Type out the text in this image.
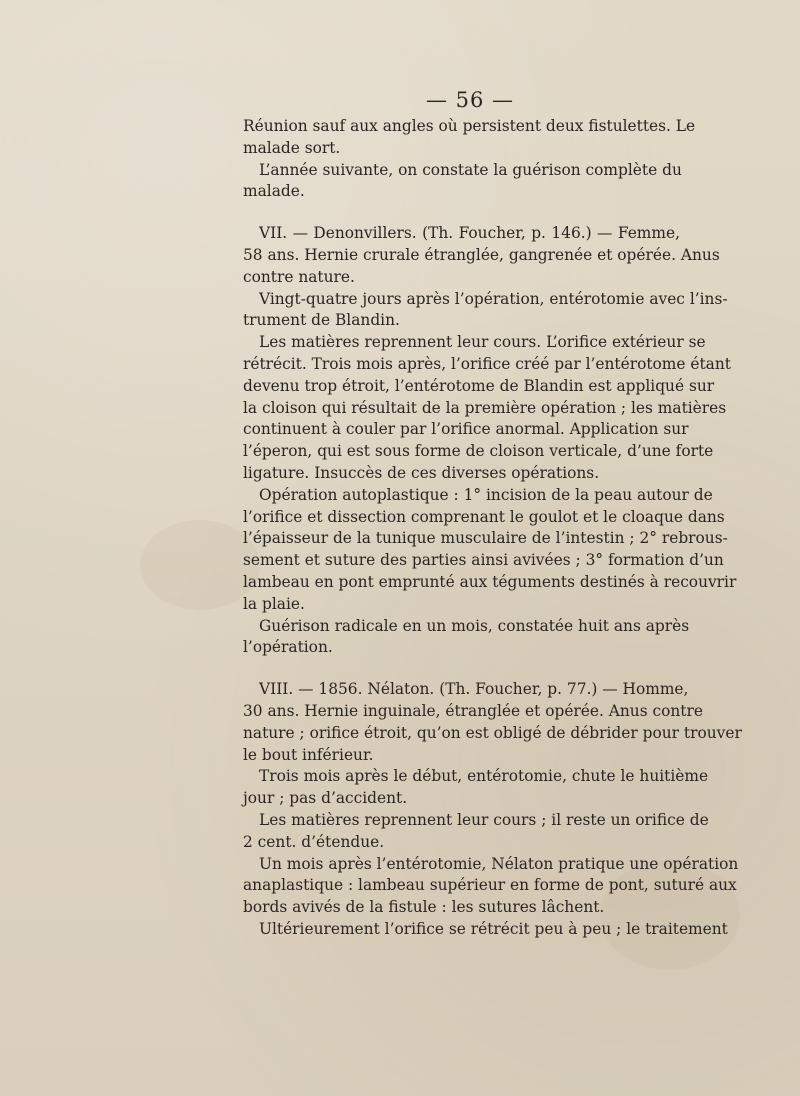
— 56 —
Réunion sauf aux angles où persistent deux fistulettes. Le
malade sort.
L’année suivante, on constate la guérison complète du
malade.
VII. — Denonvillers. (Th. Foucher, p. 146.) — Femme,
58 ans. Hernie crurale étranglée, gangrenée et opérée. Anus
contre nature.
Vingt-quatre jours après l’opération, entérotomie avec l’ins-
trument de Blandin.
Les matières reprennent leur cours. L’orifice extérieur se
rétrécit. Trois mois après, l’orifice créé par l’entérotome étant
devenu trop étroit, l’entérotome de Blandin est appliqué sur
la cloison qui résultait de la première opération ; les matières
continuent à couler par l’orifice anormal. Application sur
l’éperon, qui est sous forme de cloison verticale, d’une forte
ligature. Insuccès de ces diverses opérations.
Opération autoplastique : 1° incision de la peau autour de
l’orifice et dissection comprenant le goulot et le cloaque dans
l’épaisseur de la tunique musculaire de l’intestin ; 2° rebrous-
sement et suture des parties ainsi avivées ; 3° formation d’un
lambeau en pont emprunté aux téguments destinés à recouvrir
la plaie.
Guérison radicale en un mois, constatée huit ans après
l’opération.
VIII. — 1856. Nélaton. (Th. Foucher, p. 77.) — Homme,
30 ans. Hernie inguinale, étranglée et opérée. Anus contre
nature ; orifice étroit, qu’on est obligé de débrider pour trouver
le bout inférieur.
Trois mois après le début, entérotomie, chute le huitième
jour ; pas d’accident.
Les matières reprennent leur cours ; il reste un orifice de
2 cent. d’étendue.
Un mois après l’entérotomie, Nélaton pratique une opération
anaplastique : lambeau supérieur en forme de pont, suturé aux
bords avivés de la fistule : les sutures lâchent.
Ultérieurement l’orifice se rétrécit peu à peu ; le traitement
